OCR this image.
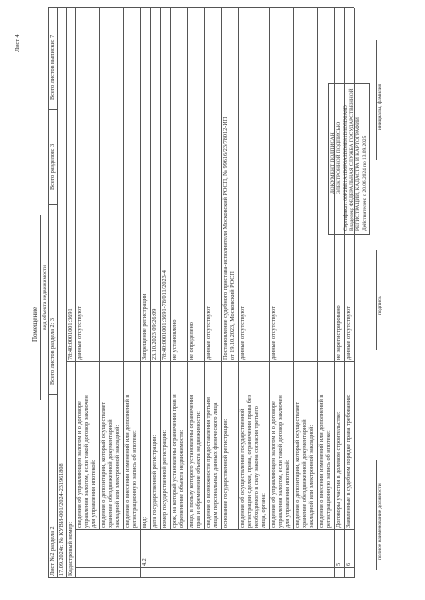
Лист 4
Помещение вид объекта недвижимости
Лист №2 раздела 2
Всего листов раздела 2: 3
Всего разделов: 3
Всего листов выписки: 7
17.09.2024г. № КУВИ-001/2024-231961808 Кадастровый номер:
78:40:0001001:3691
сведения об управляющем залогом и о договоре управления залогом, если такой договор заключен для управления ипотекой:
данные отсутствуют
сведения о депозитарии, который осуществляет хранение обездвиженной документарной закладной или электронной закладной: сведения о внесении изменений или дополнений в регистрационную запись об ипотеке:
4.2
вид:
Запрещение регистрации
дата государственной регистрации:
23.10.2023 09:26:09
номер государственной регистрации:
78:40:0001001:3691-78/011/2023-4
срок, на который установлены ограничения прав и обременение объекта недвижимости:
не установлено
лицо, в пользу которого установлены ограничения прав и обременение объекта недвижимости:
не определено
сведения о возможности предоставления третьим лицам персональных данных физического лица
данные отсутствуют
основание государственной регистрации:
Постановление судебного пристава-исполнителя Московский РОСП, № 99616/23/78012-ИП от 19.10.2023, Московский РОСП
сведения об осуществлении государственной регистрации сделки, права, ограничения права без необходимого в силу закона согласия третьего лица, органа:
данные отсутствуют
сведения об управляющем залогом и о договоре управления залогом, если такой договор заключен для управления ипотекой:
данные отсутствуют
сведения о депозитарии, который осуществляет хранение обездвиженной документарной закладной или электронной закладной: сведения о внесении изменений или дополнений в регистрационную запись об ипотеке:
5
Договоры участия в долевом строительстве:
не зарегистрировано
6
Заявленные в судебном порядке права требования:
данные отсутствуют
полное наименование должности
подпись
инициалы, фамилия
ДОКУМЕНТ ПОДПИСАН ЭЛЕКТРОННОЙ ПОДПИСЬЮ Сертификат: 00F2BE1A1D6F6A3DD8E81D3D5D0A8D Владелец: ФЕДЕРАЛЬНАЯ СЛУЖБА ГОСУДАРСТВЕННОЙ РЕГИСТРАЦИИ, КАДАСТРА И КАРТОГРАФИИ Действителен: с 20.06.2024 по 13.09.2025
